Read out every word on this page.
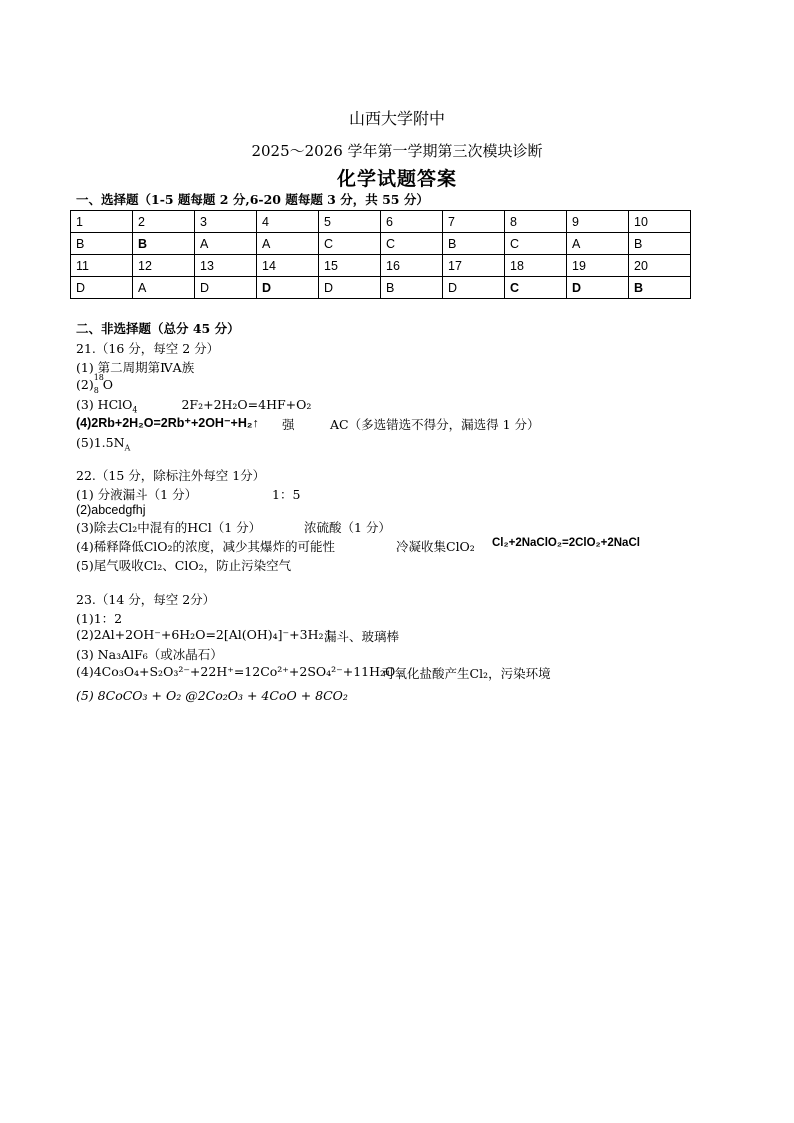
山西大学附中
2025～2026 学年第一学期第三次模块诊断
化学试题答案
一、选择题（1-5 题每题 2 分,6-20 题每题 3 分，共 55 分）
1	2	3	4	5	6	7	8	9	10
B	B	A	A	C	C	B	C	A	B
11	12	13	14	15	16	17	18	19	20
D	A	D	D	D	B	D	C	D	B
二、非选择题（总分 45 分）
21.（16 分，每空 2 分）
(1) 第二周期第ⅣA族
(2) 18
8 O
(3) HClO$_4$	2F₂+2H₂O=4HF+O₂
(4)2Rb+2H₂O=2Rb⁺+2OH⁻+H₂↑ 强	AC（多选错选不得分，漏选得 1 分）
$(5)1.5N_A$
22.（15 分，除标注外每空 1分）
(1) 分液漏斗（1 分）	1：5
(2)abcedgfhj
(3)除去Cl₂中混有的HCl（1 分）	浓硫酸（1 分）
(4)稀释降低ClO₂的浓度，减少其爆炸的可能性	冷凝收集ClO₂ Cl₂+2NaClO₂=2ClO₂+2NaCl
(5)尾气吸收Cl₂、ClO₂，防止污染空气
23.（14 分，每空 2分）
(1)1：2
(2)2Al+2OH⁻+6H₂O=2[Al(OH)₄]⁻+3H₂↑
漏斗、玻璃棒
(3) Na₃AlF₆（或冰晶石）
(4)4Co₃O₄+S₂O₃²⁻+22H⁺=12Co²⁺+2SO₄²⁻+11H₂O
可氧化盐酸产生Cl₂，污染环境
(5) 8CoCO₃ + O₂ @2Co₂O₃ + 4CoO + 8CO₂
